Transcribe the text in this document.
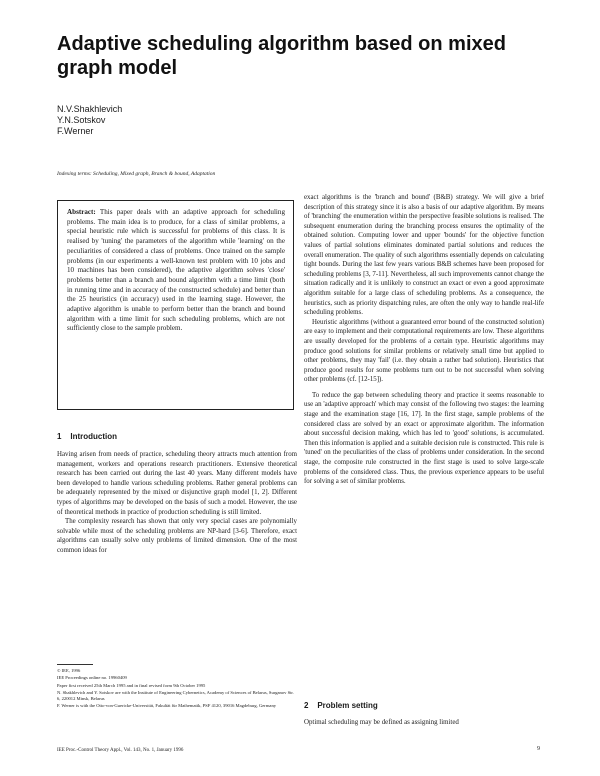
Adaptive scheduling algorithm based on mixed graph model
N.V.Shakhlevich
Y.N.Sotskov
F.Werner
Indexing terms: Scheduling, Mixed graph, Branch & bound, Adaptation
Abstract: This paper deals with an adaptive approach for scheduling problems. The main idea is to produce, for a class of similar problems, a special heuristic rule which is successful for problems of this class. It is realised by 'tuning' the parameters of the algorithm while 'learning' on the peculiarities of considered a class of problems. Once trained on the sample problems (in our experiments a well-known test problem with 10 jobs and 10 machines has been considered), the adaptive algorithm solves 'close' problems better than a branch and bound algorithm with a time limit (both in running time and in accuracy of the constructed schedule) and better than the 25 heuristics (in accuracy) used in the learning stage. However, the adaptive algorithm is unable to perform better than the branch and bound algorithm with a time limit for such scheduling problems, which are not sufficiently close to the sample problem.
1 Introduction

Having arisen from needs of practice, scheduling theory attracts much attention from management, workers and operations research practitioners. Extensive theoretical research has been carried out during the last 40 years. Many different models have been developed to handle various scheduling problems. Rather general problems can be adequately represented by the mixed or disjunctive graph model [1, 2]. Different types of algorithms may be developed on the basis of such a model. However, the use of theoretical methods in practice of production scheduling is still limited.

The complexity research has shown that only very special cases are polynomially solvable while most of the scheduling problems are NP-hard [3-6]. Therefore, exact algorithms can usually solve only problems of limited dimension. One of the most common ideas for

© IEE, 1996

IEE Proceedings online no. 19960409

Paper first received 25th March 1995 and in final revised form 9th October 1995

N. Shakhlevich and Y. Sotskov are with the Institute of Engineering Cybernetics, Academy of Sciences of Belarus, Surganov Str. 6, 220012 Minsk, Belarus

F. Werner is with the Otto-von-Guericke-Universität, Fakultät für Mathematik, PSF 4120, 39016 Magdeburg, Germany

exact algorithms is the 'branch and bound' (B&B) strategy. We will give a brief description of this strategy since it is also a basis of our adaptive algorithm. By means of 'branching' the enumeration within the perspective feasible solutions is realised. The subsequent enumeration during the branching process ensures the optimality of the obtained solution. Computing lower and upper 'bounds' for the objective function values of partial solutions eliminates dominated partial solutions and reduces the overall enumeration. The quality of such algorithms essentially depends on calculating tight bounds. During the last few years various B&B schemes have been proposed for scheduling problems [3, 7-11]. Nevertheless, all such improvements cannot change the situation radically and it is unlikely to construct an exact or even a good approximate algorithm suitable for a large class of scheduling problems. As a consequence, the heuristics, such as priority dispatching rules, are often the only way to handle real-life scheduling problems.

Heuristic algorithms (without a guaranteed error bound of the constructed solution) are easy to implement and their computational requirements are low. These algorithms are usually developed for the problems of a certain type. Heuristic algorithms may produce good solutions for similar problems or relatively small time but applied to other problems, they may 'fail' (i.e. they obtain a rather bad solution). Heuristics that produce good results for some problems turn out to be not successful when solving other problems (cf. [12-15]).

To reduce the gap between scheduling theory and practice it seems reasonable to use an 'adaptive approach' which may consist of the following two stages: the learning stage and the examination stage [16, 17]. In the first stage, sample problems of the considered class are solved by an exact or approximate algorithm. The information about successful decision making, which has led to 'good' solutions, is accumulated. Then this information is applied and a suitable decision rule is constructed. This rule is 'tuned' on the peculiarities of the class of problems under consideration. In the second stage, the composite rule constructed in the first stage is used to solve large-scale problems of the considered class. Thus, the previous experience appears to be useful for solving a set of similar problems.

2 Problem setting

Optimal scheduling may be defined as assigning limited

IEE Proc.-Control Theory Appl., Vol. 143, No. 1, January 1996	9
